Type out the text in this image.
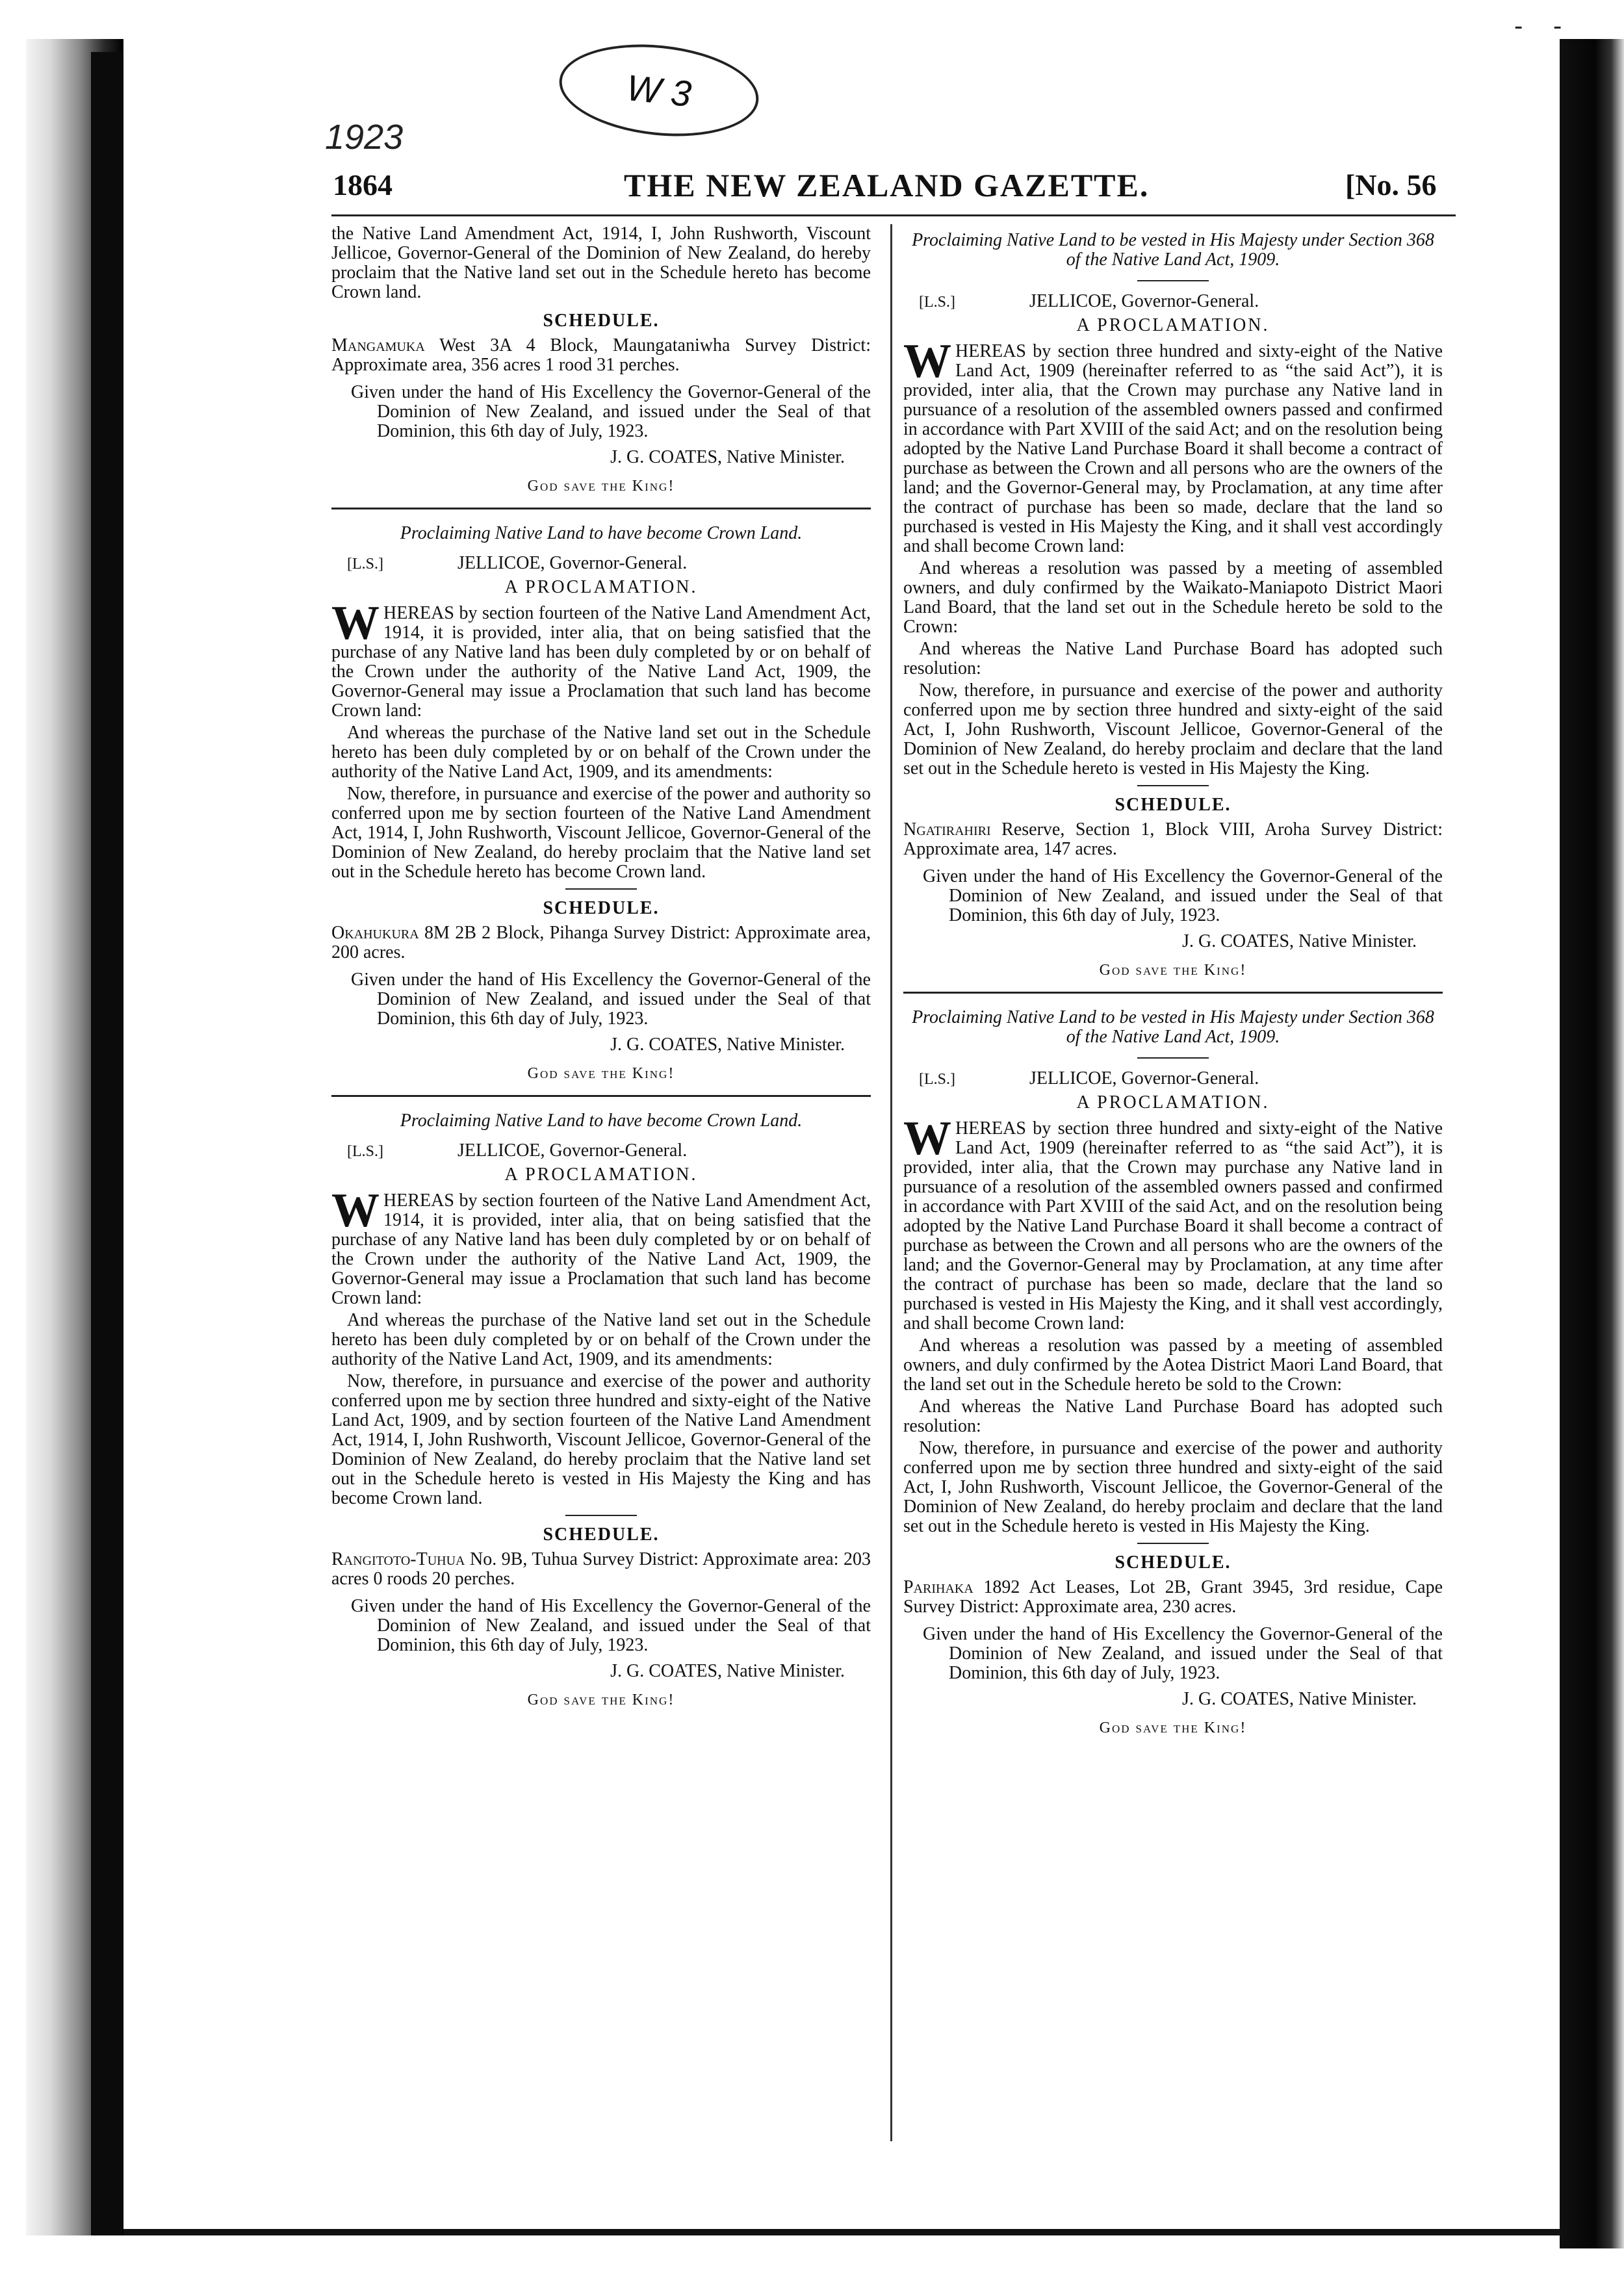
- -
W 3
1923
1864	THE NEW ZEALAND GAZETTE.	[No. 56

the Native Land Amendment Act, 1914, I, John Rushworth, Viscount Jellicoe, Governor-General of the Dominion of New Zealand, do hereby proclaim that the Native land set out in the Schedule hereto has become Crown land.

SCHEDULE.

Mangamuka West 3A 4 Block, Maungataniwha Survey District: Approximate area, 356 acres 1 rood 31 perches.

Given under the hand of His Excellency the Governor-General of the Dominion of New Zealand, and issued under the Seal of that Dominion, this 6th day of July, 1923.

J. G. COATES, Native Minister.

God save the King!

Proclaiming Native Land to have become Crown Land.

[L.S.]	JELLICOE, Governor-General.

A PROCLAMATION.

WHEREAS by section fourteen of the Native Land Amendment Act, 1914, it is provided, inter alia, that on being satisfied that the purchase of any Native land has been duly completed by or on behalf of the Crown under the authority of the Native Land Act, 1909, the Governor-General may issue a Proclamation that such land has become Crown land:

And whereas the purchase of the Native land set out in the Schedule hereto has been duly completed by or on behalf of the Crown under the authority of the Native Land Act, 1909, and its amendments:

Now, therefore, in pursuance and exercise of the power and authority so conferred upon me by section fourteen of the Native Land Amendment Act, 1914, I, John Rushworth, Viscount Jellicoe, Governor-General of the Dominion of New Zealand, do hereby proclaim that the Native land set out in the Schedule hereto has become Crown land.

SCHEDULE.

Okahukura 8M 2B 2 Block, Pihanga Survey District: Approximate area, 200 acres.

Given under the hand of His Excellency the Governor-General of the Dominion of New Zealand, and issued under the Seal of that Dominion, this 6th day of July, 1923.

J. G. COATES, Native Minister.

God save the King!

Proclaiming Native Land to have become Crown Land.

[L.S.]	JELLICOE, Governor-General.

A PROCLAMATION.

WHEREAS by section fourteen of the Native Land Amendment Act, 1914, it is provided, inter alia, that on being satisfied that the purchase of any Native land has been duly completed by or on behalf of the Crown under the authority of the Native Land Act, 1909, the Governor-General may issue a Proclamation that such land has become Crown land:

And whereas the purchase of the Native land set out in the Schedule hereto has been duly completed by or on behalf of the Crown under the authority of the Native Land Act, 1909, and its amendments:

Now, therefore, in pursuance and exercise of the power and authority conferred upon me by section three hundred and sixty-eight of the Native Land Act, 1909, and by section fourteen of the Native Land Amendment Act, 1914, I, John Rushworth, Viscount Jellicoe, Governor-General of the Dominion of New Zealand, do hereby proclaim that the Native land set out in the Schedule hereto is vested in His Majesty the King and has become Crown land.

SCHEDULE.

Rangitoto-Tuhua No. 9B, Tuhua Survey District: Approximate area: 203 acres 0 roods 20 perches.

Given under the hand of His Excellency the Governor-General of the Dominion of New Zealand, and issued under the Seal of that Dominion, this 6th day of July, 1923.

J. G. COATES, Native Minister.

God save the King!

Proclaiming Native Land to be vested in His Majesty under Section 368 of the Native Land Act, 1909.

[L.S.]	JELLICOE, Governor-General.

A PROCLAMATION.

WHEREAS by section three hundred and sixty-eight of the Native Land Act, 1909 (hereinafter referred to as “the said Act”), it is provided, inter alia, that the Crown may purchase any Native land in pursuance of a resolution of the assembled owners passed and confirmed in accordance with Part XVIII of the said Act; and on the resolution being adopted by the Native Land Purchase Board it shall become a contract of purchase as between the Crown and all persons who are the owners of the land; and the Governor-General may, by Proclamation, at any time after the contract of purchase has been so made, declare that the land so purchased is vested in His Majesty the King, and it shall vest accordingly and shall become Crown land:

And whereas a resolution was passed by a meeting of assembled owners, and duly confirmed by the Waikato-Maniapoto District Maori Land Board, that the land set out in the Schedule hereto be sold to the Crown:

And whereas the Native Land Purchase Board has adopted such resolution:

Now, therefore, in pursuance and exercise of the power and authority conferred upon me by section three hundred and sixty-eight of the said Act, I, John Rushworth, Viscount Jellicoe, Governor-General of the Dominion of New Zealand, do hereby proclaim and declare that the land set out in the Schedule hereto is vested in His Majesty the King.

SCHEDULE.

Ngatirahiri Reserve, Section 1, Block VIII, Aroha Survey District: Approximate area, 147 acres.

Given under the hand of His Excellency the Governor-General of the Dominion of New Zealand, and issued under the Seal of that Dominion, this 6th day of July, 1923.

J. G. COATES, Native Minister.

God save the King!

Proclaiming Native Land to be vested in His Majesty under Section 368 of the Native Land Act, 1909.

[L.S.]	JELLICOE, Governor-General.

A PROCLAMATION.

WHEREAS by section three hundred and sixty-eight of the Native Land Act, 1909 (hereinafter referred to as “the said Act”), it is provided, inter alia, that the Crown may purchase any Native land in pursuance of a resolution of the assembled owners passed and confirmed in accordance with Part XVIII of the said Act, and on the resolution being adopted by the Native Land Purchase Board it shall become a contract of purchase as between the Crown and all persons who are the owners of the land; and the Governor-General may by Proclamation, at any time after the contract of purchase has been so made, declare that the land so purchased is vested in His Majesty the King, and it shall vest accordingly, and shall become Crown land:

And whereas a resolution was passed by a meeting of assembled owners, and duly confirmed by the Aotea District Maori Land Board, that the land set out in the Schedule hereto be sold to the Crown:

And whereas the Native Land Purchase Board has adopted such resolution:

Now, therefore, in pursuance and exercise of the power and authority conferred upon me by section three hundred and sixty-eight of the said Act, I, John Rushworth, Viscount Jellicoe, the Governor-General of the Dominion of New Zealand, do hereby proclaim and declare that the land set out in the Schedule hereto is vested in His Majesty the King.

SCHEDULE.

Parihaka 1892 Act Leases, Lot 2B, Grant 3945, 3rd residue, Cape Survey District: Approximate area, 230 acres.

Given under the hand of His Excellency the Governor-General of the Dominion of New Zealand, and issued under the Seal of that Dominion, this 6th day of July, 1923.

J. G. COATES, Native Minister.

God save the King!
